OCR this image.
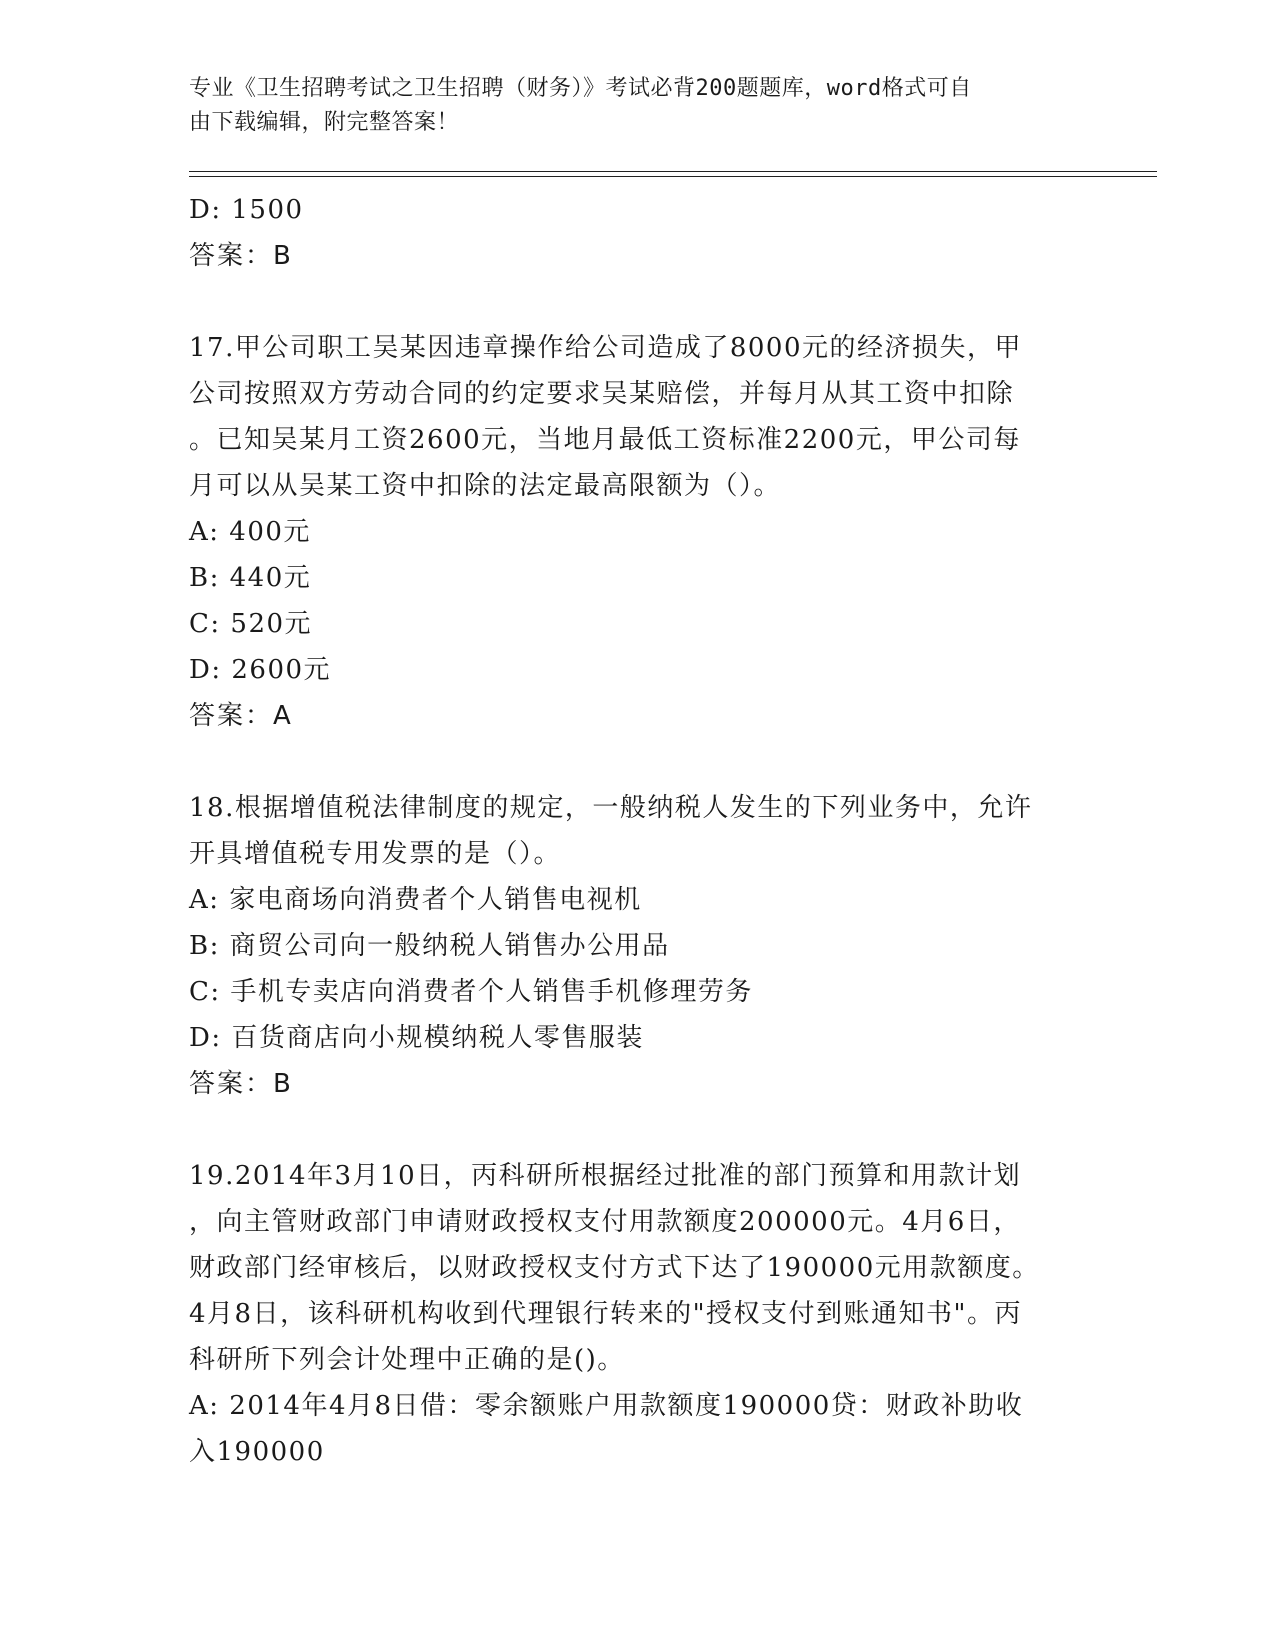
专业《卫生招聘考试之卫生招聘（财务）》考试必背200题题库，word格式可自
由下载编辑，附完整答案！
D: 1500
答案：B
17.甲公司职工吴某因违章操作给公司造成了8000元的经济损失，甲
公司按照双方劳动合同的约定要求吴某赔偿，并每月从其工资中扣除
。已知吴某月工资2600元，当地月最低工资标准2200元，甲公司每
月可以从吴某工资中扣除的法定最高限额为（）。
A: 400元
B: 440元
C: 520元
D: 2600元
答案：A
18.根据增值税法律制度的规定，一般纳税人发生的下列业务中，允许
开具增值税专用发票的是（）。
A: 家电商场向消费者个人销售电视机
B: 商贸公司向一般纳税人销售办公用品
C: 手机专卖店向消费者个人销售手机修理劳务
D: 百货商店向小规模纳税人零售服装
答案：B
19.2014年3月10日，丙科研所根据经过批准的部门预算和用款计划
，向主管财政部门申请财政授权支付用款额度200000元。4月6日，
财政部门经审核后，以财政授权支付方式下达了190000元用款额度。
4月8日，该科研机构收到代理银行转来的"授权支付到账通知书"。丙
科研所下列会计处理中正确的是()。
A: 2014年4月8日借：零余额账户用款额度190000贷：财政补助收
入190000
